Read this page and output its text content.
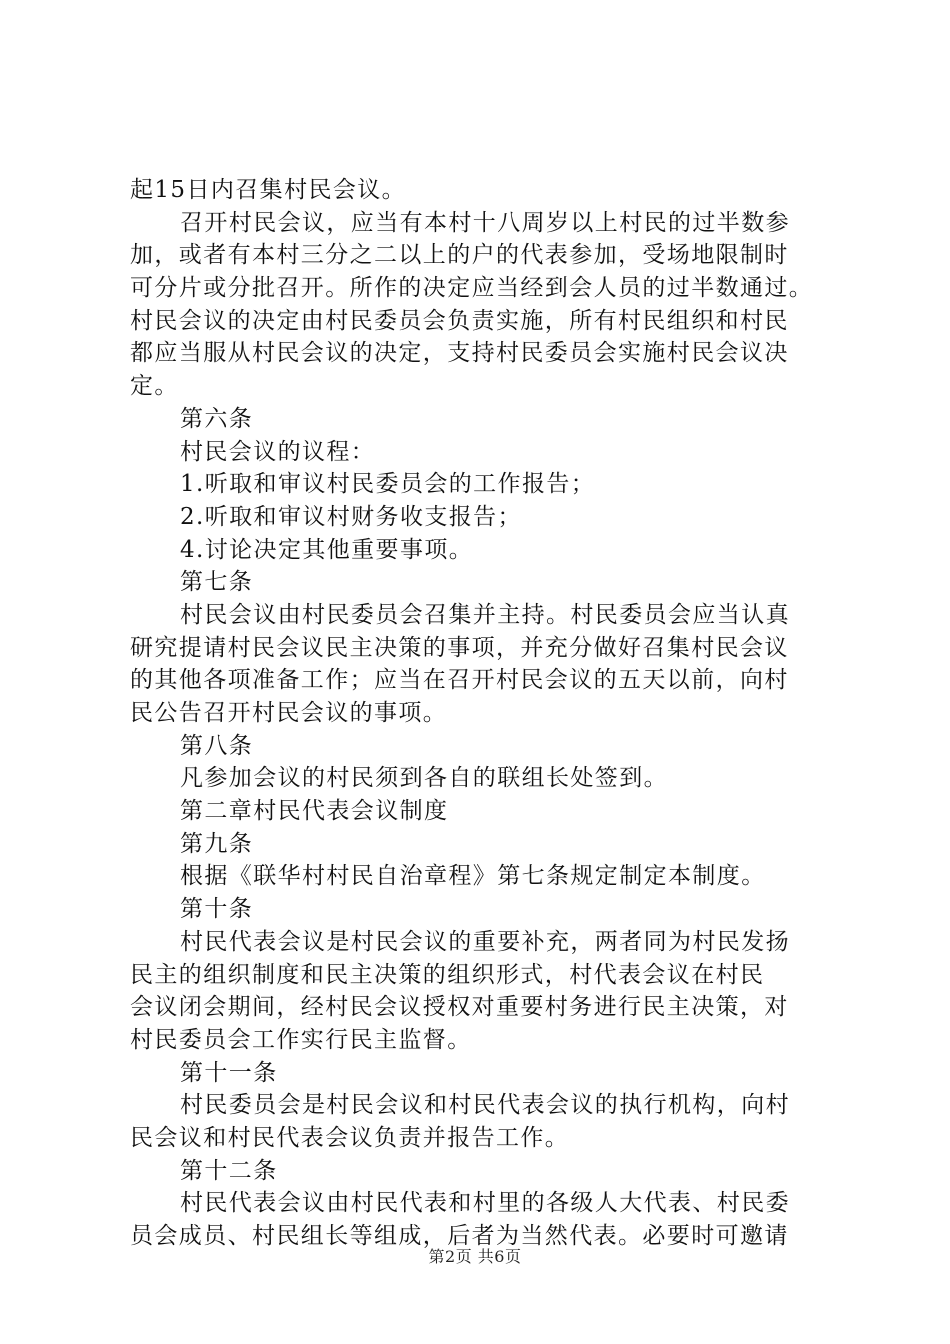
起15日内召集村民会议。
召开村民会议，应当有本村十八周岁以上村民的过半数参
加，或者有本村三分之二以上的户的代表参加，受场地限制时
可分片或分批召开。所作的决定应当经到会人员的过半数通过。
村民会议的决定由村民委员会负责实施，所有村民组织和村民
都应当服从村民会议的决定，支持村民委员会实施村民会议决
定。
第六条
村民会议的议程：
1.听取和审议村民委员会的工作报告；
2.听取和审议村财务收支报告；
4.讨论决定其他重要事项。
第七条
村民会议由村民委员会召集并主持。村民委员会应当认真
研究提请村民会议民主决策的事项，并充分做好召集村民会议
的其他各项准备工作；应当在召开村民会议的五天以前，向村
民公告召开村民会议的事项。
第八条
凡参加会议的村民须到各自的联组长处签到。
第二章村民代表会议制度
第九条
根据《联华村村民自治章程》第七条规定制定本制度。
第十条
村民代表会议是村民会议的重要补充，两者同为村民发扬
民主的组织制度和民主决策的组织形式，村代表会议在村民
会议闭会期间，经村民会议授权对重要村务进行民主决策，对
村民委员会工作实行民主监督。
第十一条
村民委员会是村民会议和村民代表会议的执行机构，向村
民会议和村民代表会议负责并报告工作。
第十二条
村民代表会议由村民代表和村里的各级人大代表、村民委
员会成员、村民组长等组成，后者为当然代表。必要时可邀请
第2页 共6页
